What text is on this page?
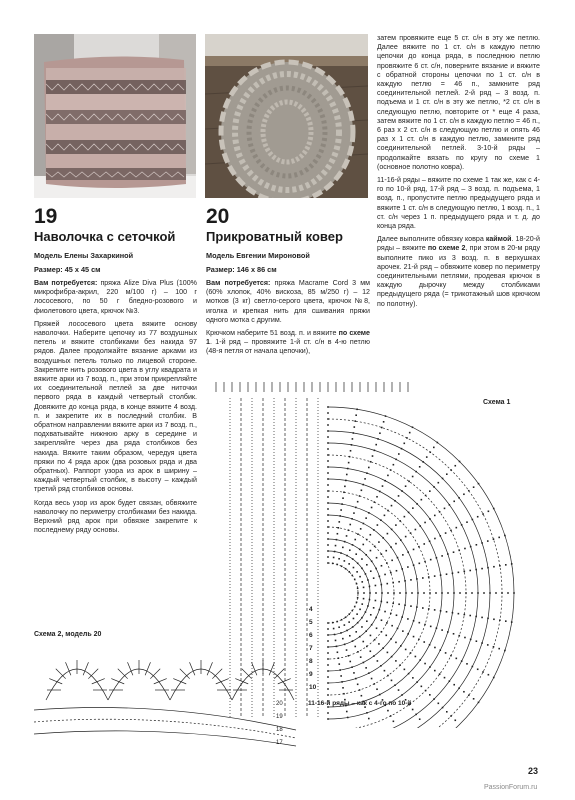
19
Наволочка с сеточкой
Модель Елены Захаркиной
Размер: 45 х 45 см

Вам потребуется: пряжа Alize Diva Plus (100% микрофибра-акрил, 220 м/100 г) – 100 г лососевого, по 50 г бледно-розового и фиолетового цвета, крючок №3.

Пряжей лососевого цвета вяжите основу наволочки. Наберите цепочку из 77 воздушных петель и вяжите столбиками без накида 97 рядов. Далее продолжайте вязание арками из воздушных петель только по лицевой стороне. Закрепите нить розового цвета в углу квадрата и вяжите арки из 7 возд. п., при этом прикрепляйте их соединительной петлей за две ниточки первого ряда в каждый четвертый столбик. Довяжите до конца ряда, в конце вяжите 4 возд. п. и закрепите их в последний столбик. В обратном направлении вяжите арки из 7 возд. п., подхватывайте нижнюю арку в середине и закрепляйте через два ряда столбиков без накида. Вяжите таким образом, чередуя цвета пряжи по 4 ряда арок (два розовых ряда и два обратных). Раппорт узора из арок в ширину – каждый четвертый столбик, в высоту – каждый третий ряд столбиков основы.

Когда весь узор из арок будет связан, обвяжите наволочку по периметру столбиками без накида. Верхний ряд арок при обвязке закрепите к последнему ряду основы.

20
Прикроватный ковер
Модель Евгении Мироновой
Размер: 146 х 86 см

Вам потребуется: пряжа Macrame Cord 3 мм (60% хлопок, 40% вискоза, 85 м/250 г) – 12 мотков (3 кг) светло-серого цвета, крючок №8, иголка и крепкая нить для сшивания пряжи одного мотка с другим.

Крючком наберите 51 возд. п. и вяжите по схеме 1. 1-й ряд – провяжите 1-й ст. с/н в 4-ю петлю (48-я петля от начала цепочки),

затем провяжите еще 5 ст. с/н в эту же петлю. Далее вяжите по 1 ст. с/н в каждую петлю цепочки до конца ряда, в последнюю петлю провяжите 6 ст. с/н, поверните вязание и вяжите с обратной стороны цепочки по 1 ст. с/н в каждую петлю = 46 п., замкните ряд соединительной петлей. 2-й ряд – 3 возд. п. подъема и 1 ст. с/н в эту же петлю, *2 ст. с/н в следующую петлю, повторите от * еще 4 раза, затем вяжите по 1 ст. с/н в каждую петлю = 46 п., 6 раз х 2 ст. с/н в следующую петлю и опять 46 раз х 1 ст. с/н в каждую петлю, замкните ряд соединительной петлей. 3-10-й ряды – продолжайте вязать по кругу по схеме 1 (основное полотно ковра).

11-16-й ряды – вяжите по схеме 1 так же, как с 4-го по 10-й ряд, 17-й ряд – 3 возд. п. подъема, 1 возд. п., пропустите петлю предыдущего ряда и вяжите 1 ст. с/н в следующую петлю, 1 возд. п., 1 ст. с/н через 1 п. предыдущего ряда и т. д. до конца ряда.

Далее выполните обвязку ковра каймой. 18-20-й ряды – вяжите по схеме 2, при этом в 20-м ряду выполните пико из 3 возд. п. в верхушках арочек. 21-й ряд – обвяжите ковер по периметру соединительными петлями, продевая крючок в каждую дырочку между столбиками предыдущего ряда (= трикотажный шов крючком по полотну).

Схема 1
4
5
6
7
8
9
10
11-16-й ряды – как с 4-го по 10-й
Схема 2, модель 20
20
19
18
17
23
PassionForum.ru
